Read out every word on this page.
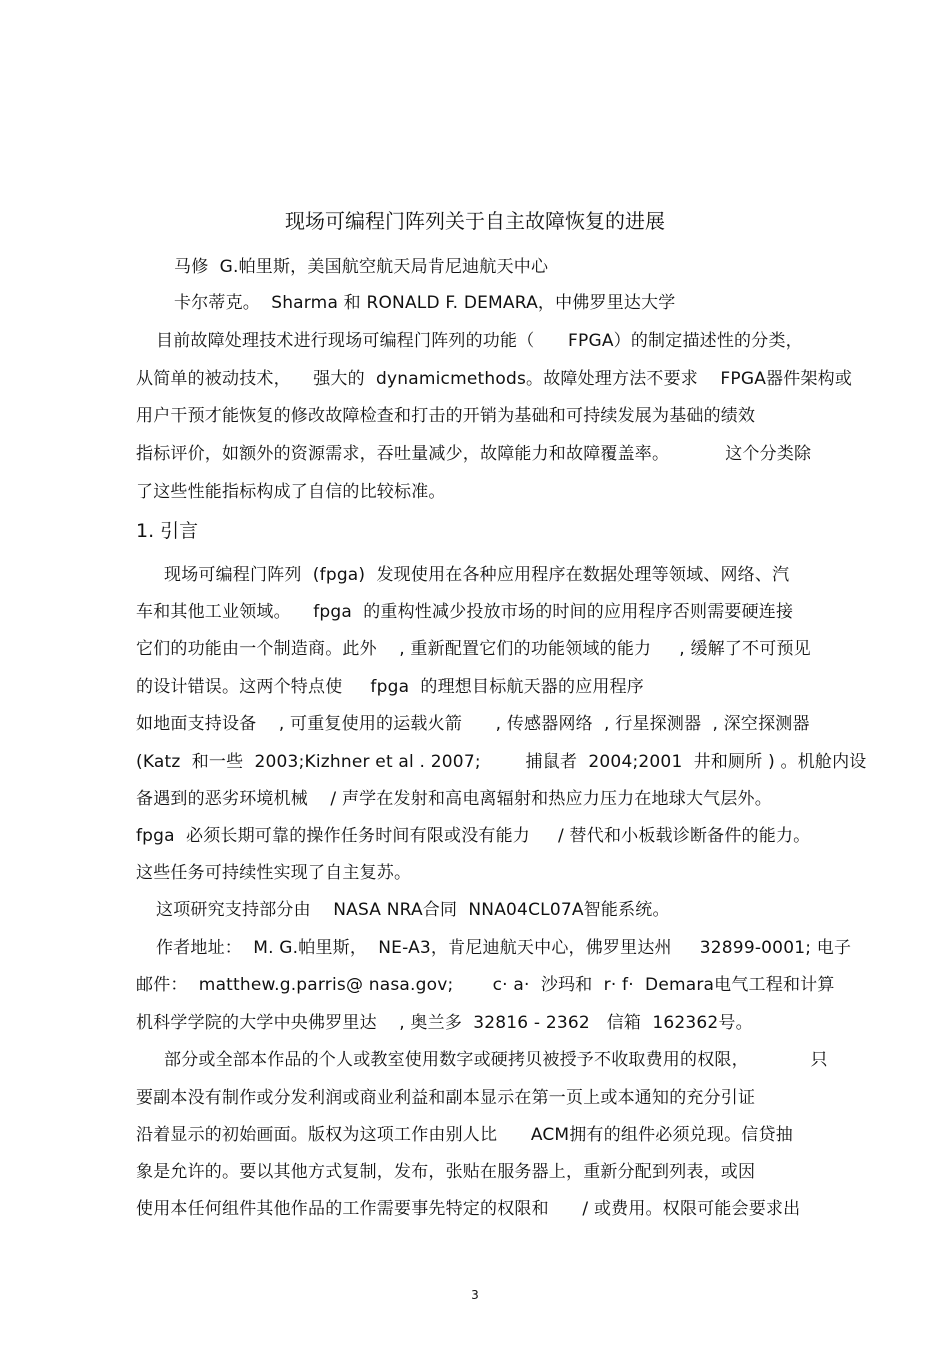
现场可编程门阵列关于自主故障恢复的进展
马修  G.帕里斯，美国航空航天局肯尼迪航天中心
卡尔蒂克。  Sharma 和 RONALD F. DEMARA，中佛罗里达大学
目前故障处理技术进行现场可编程门阵列的功能（      FPGA）的制定描述性的分类，
从简单的被动技术，    强大的  dynamicmethods。故障处理方法不要求    FPGA器件架构或
用户干预才能恢复的修改故障检查和打击的开销为基础和可持续发展为基础的绩效
指标评价，如额外的资源需求，吞吐量减少，故障能力和故障覆盖率。          这个分类除
了这些性能指标构成了自信的比较标准。
1. 引言
现场可编程门阵列  (fpga)  发现使用在各种应用程序在数据处理等领域、网络、汽
车和其他工业领域。    fpga  的重构性减少投放市场的时间的应用程序否则需要硬连接
它们的功能由一个制造商。此外    , 重新配置它们的功能领域的能力     , 缓解了不可预见
的设计错误。这两个特点使     fpga  的理想目标航天器的应用程序
如地面支持设备    , 可重复使用的运载火箭      , 传感器网络  , 行星探测器  , 深空探测器
(Katz  和一些  2003;Kizhner et al . 2007;        捕鼠者  2004;2001  井和厕所 ) 。机舱内设
备遇到的恶劣环境机械    / 声学在发射和高电离辐射和热应力压力在地球大气层外。
fpga  必须长期可靠的操作任务时间有限或没有能力     / 替代和小板载诊断备件的能力。
这些任务可持续性实现了自主复苏。
这项研究支持部分由    NASA NRA合同  NNA04CL07A智能系统。
作者地址：  M. G.帕里斯，  NE-A3，肯尼迪航天中心，佛罗里达州     32899-0001; 电子
邮件：  matthew.g.parris@ nasa.gov;       c· a·  沙玛和  r· f·  Demara电气工程和计算
机科学学院的大学中央佛罗里达    , 奥兰多  32816 - 2362   信箱  162362号。
部分或全部本作品的个人或教室使用数字或硬拷贝被授予不收取费用的权限，           只
要副本没有制作或分发利润或商业利益和副本显示在第一页上或本通知的充分引证
沿着显示的初始画面。版权为这项工作由别人比      ACM拥有的组件必须兑现。信贷抽
象是允许的。要以其他方式复制，发布，张贴在服务器上，重新分配到列表，或因
使用本任何组件其他作品的工作需要事先特定的权限和      / 或费用。权限可能会要求出
3
